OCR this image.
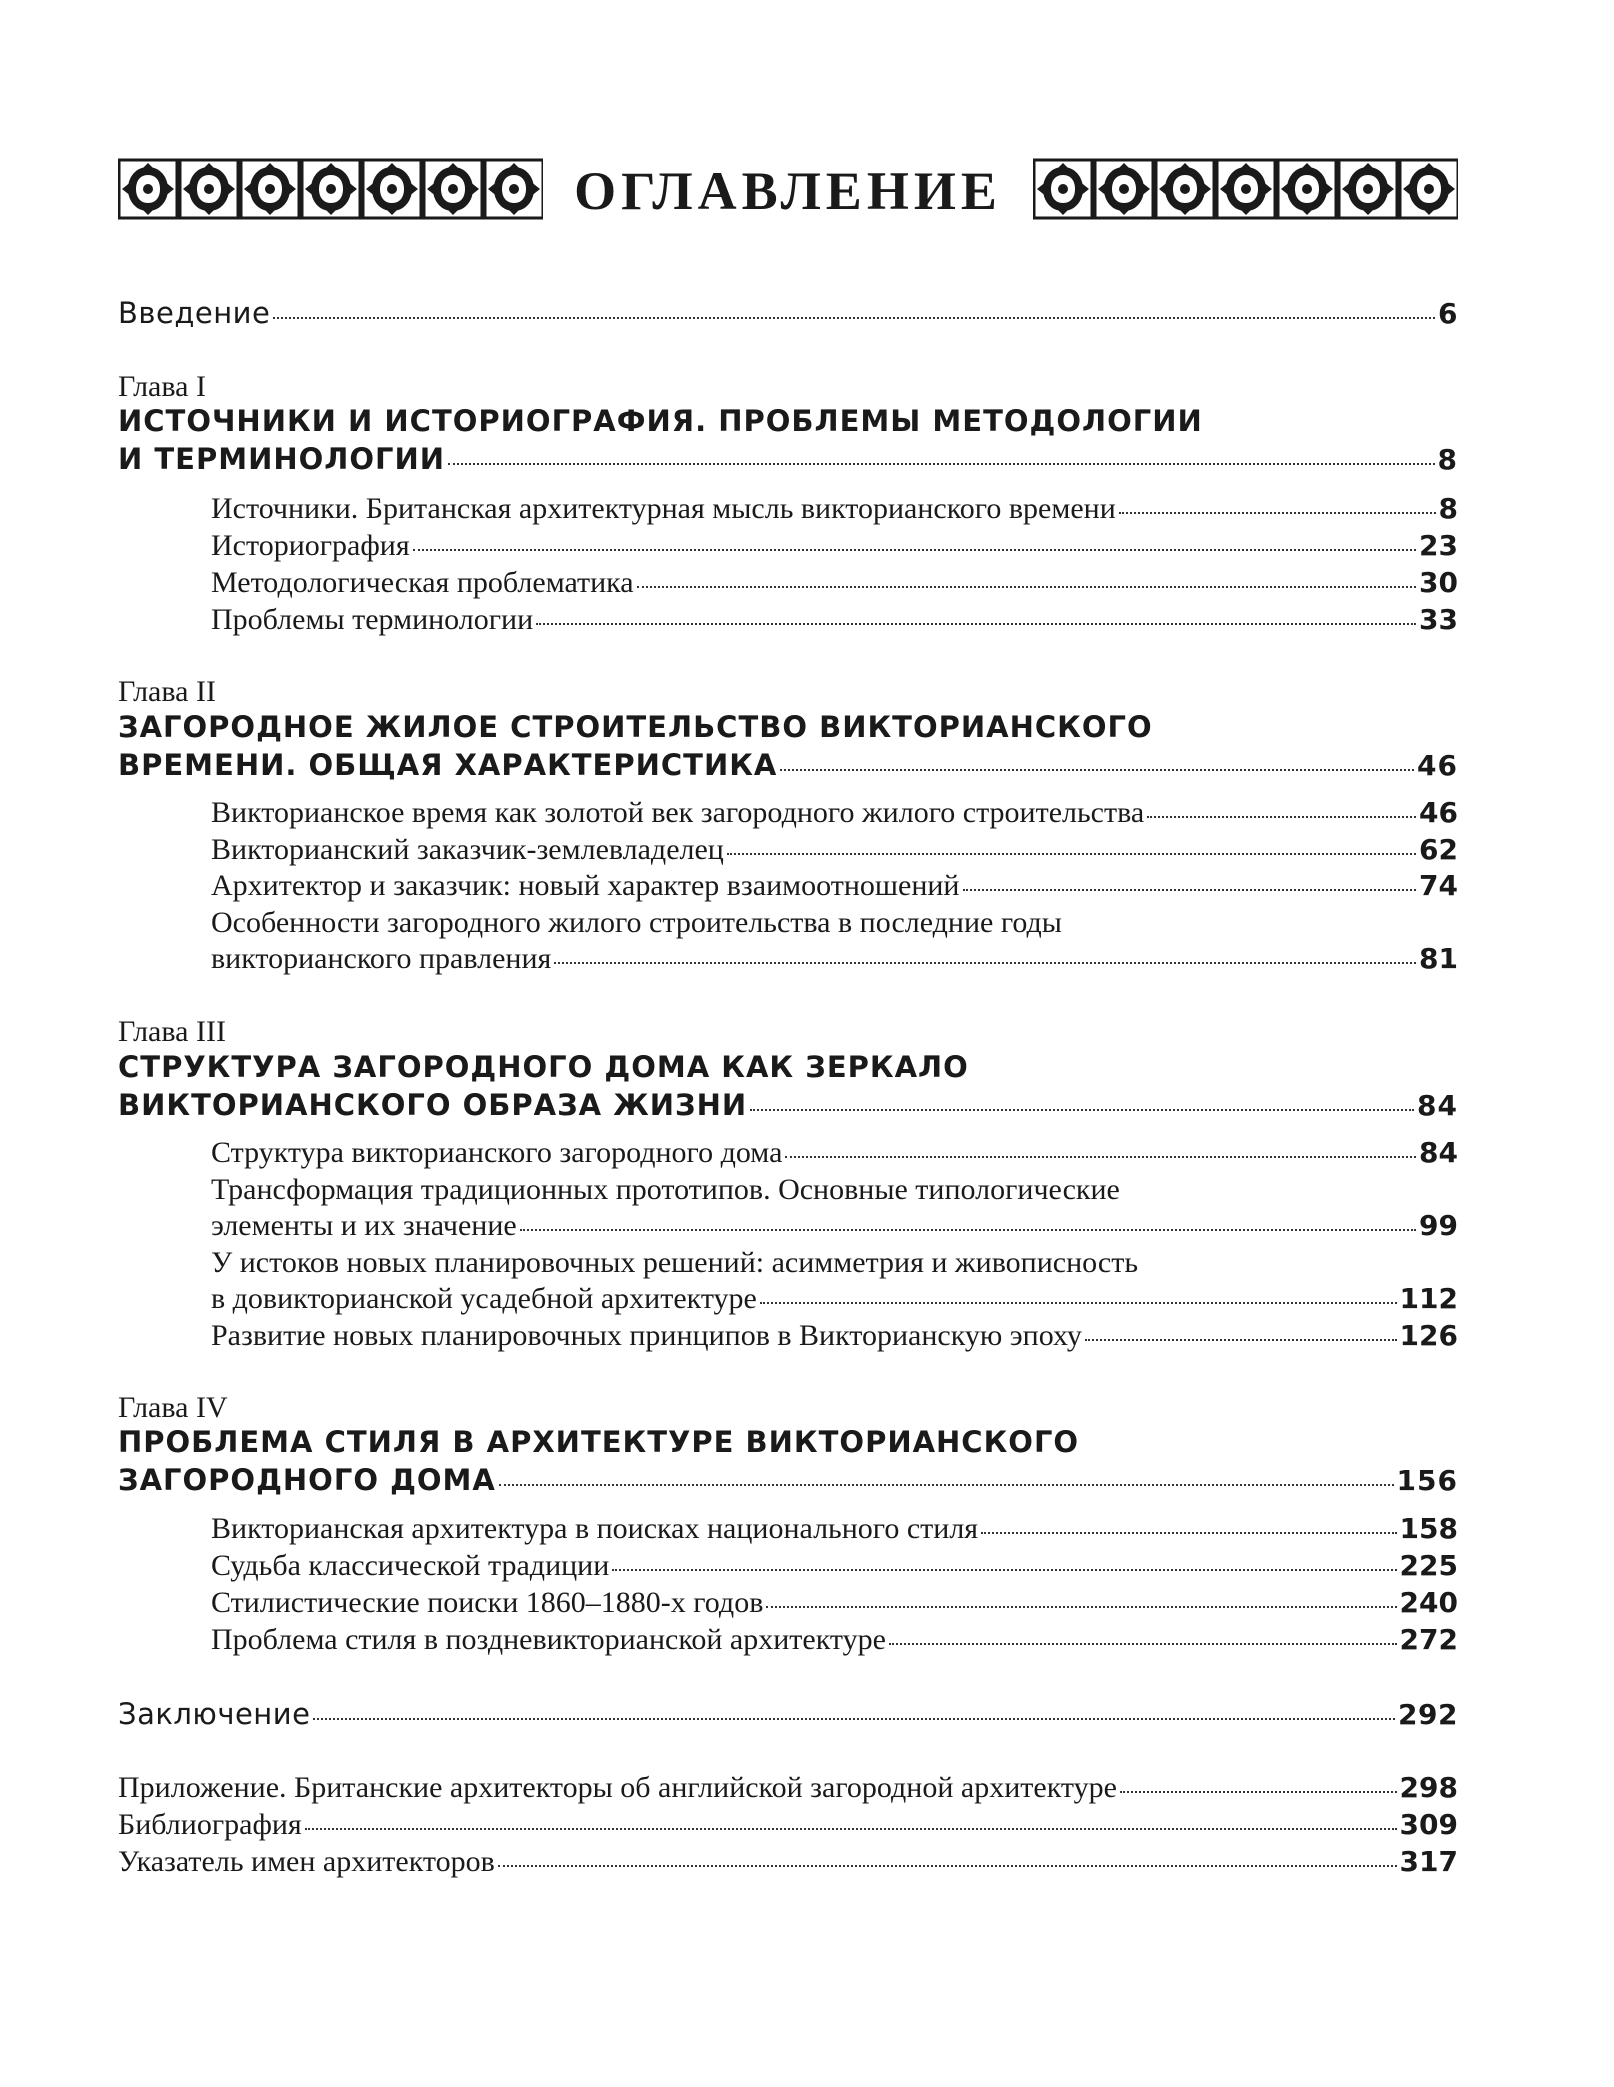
ОГЛАВЛЕНИЕ
Введение	6
Глава I
ИСТОЧНИКИ И ИСТОРИОГРАФИЯ. ПРОБЛЕМЫ МЕТОДОЛОГИИ
И ТЕРМИНОЛОГИИ	8
Источники. Британская архитектурная мысль викторианского времени	8
Историография	23
Методологическая проблематика	30
Проблемы терминологии	33
Глава II
ЗАГОРОДНОЕ ЖИЛОЕ СТРОИТЕЛЬСТВО ВИКТОРИАНСКОГО
ВРЕМЕНИ. ОБЩАЯ ХАРАКТЕРИСТИКА	46
Викторианское время как золотой век загородного жилого строительства	46
Викторианский заказчик-землевладелец	62
Архитектор и заказчик: новый характер взаимоотношений	74
Особенности загородного жилого строительства в последние годы
викторианского правления	81
Глава III
СТРУКТУРА ЗАГОРОДНОГО ДОМА КАК ЗЕРКАЛО
ВИКТОРИАНСКОГО ОБРАЗА ЖИЗНИ	84
Структура викторианского загородного дома	84
Трансформация традиционных прототипов. Основные типологические
элементы и их значение	99
У истоков новых планировочных решений: асимметрия и живописность
в довикторианской усадебной архитектуре	112
Развитие новых планировочных принципов в Викторианскую эпоху	126
Глава IV
ПРОБЛЕМА СТИЛЯ В АРХИТЕКТУРЕ ВИКТОРИАНСКОГО
ЗАГОРОДНОГО ДОМА	156
Викторианская архитектура в поисках национального стиля	158
Судьба классической традиции	225
Стилистические поиски 1860–1880-х годов	240
Проблема стиля в поздневикторианской архитектуре	272
Заключение	292
Приложение. Британские архитекторы об английской загородной архитектуре	298
Библиография	309
Указатель имен архитекторов	317
